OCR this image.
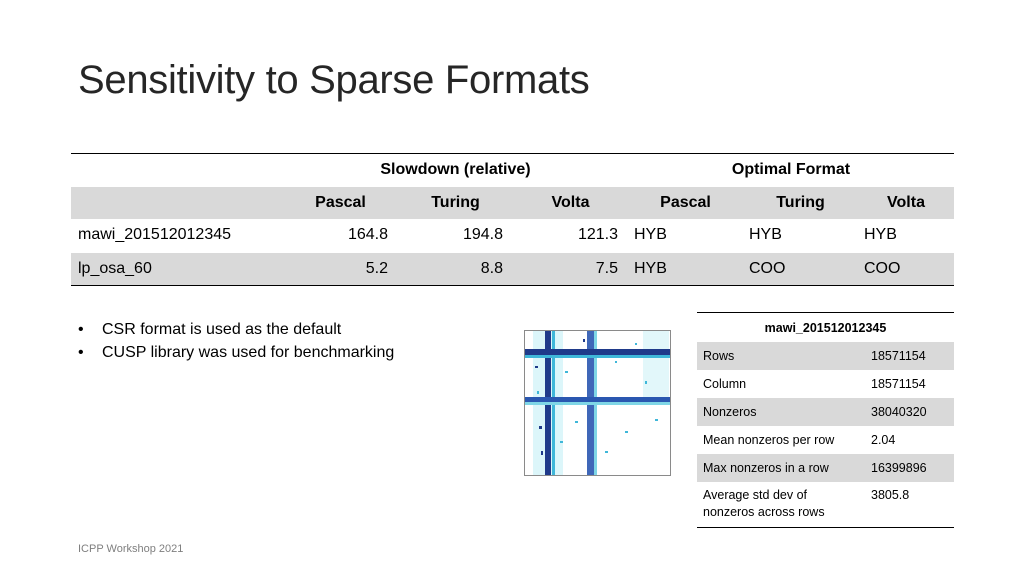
Sensitivity to Sparse Formats
	Slowdown (relative)			Optimal Format		
	Pascal	Turing	Volta	Pascal	Turing	Volta
mawi_201512012345	164.8	194.8	121.3	HYB	HYB	HYB
lp_osa_60	5.2	8.8	7.5	HYB	COO	COO
• CSR format is used as the default
• CUSP library was used for benchmarking
mawi_201512012345	
Rows	18571154
Column	18571154
Nonzeros	38040320
Mean nonzeros per row	2.04
Max nonzeros in a row	16399896
Average std dev of nonzeros across rows	3805.8
ICPP Workshop 2021
